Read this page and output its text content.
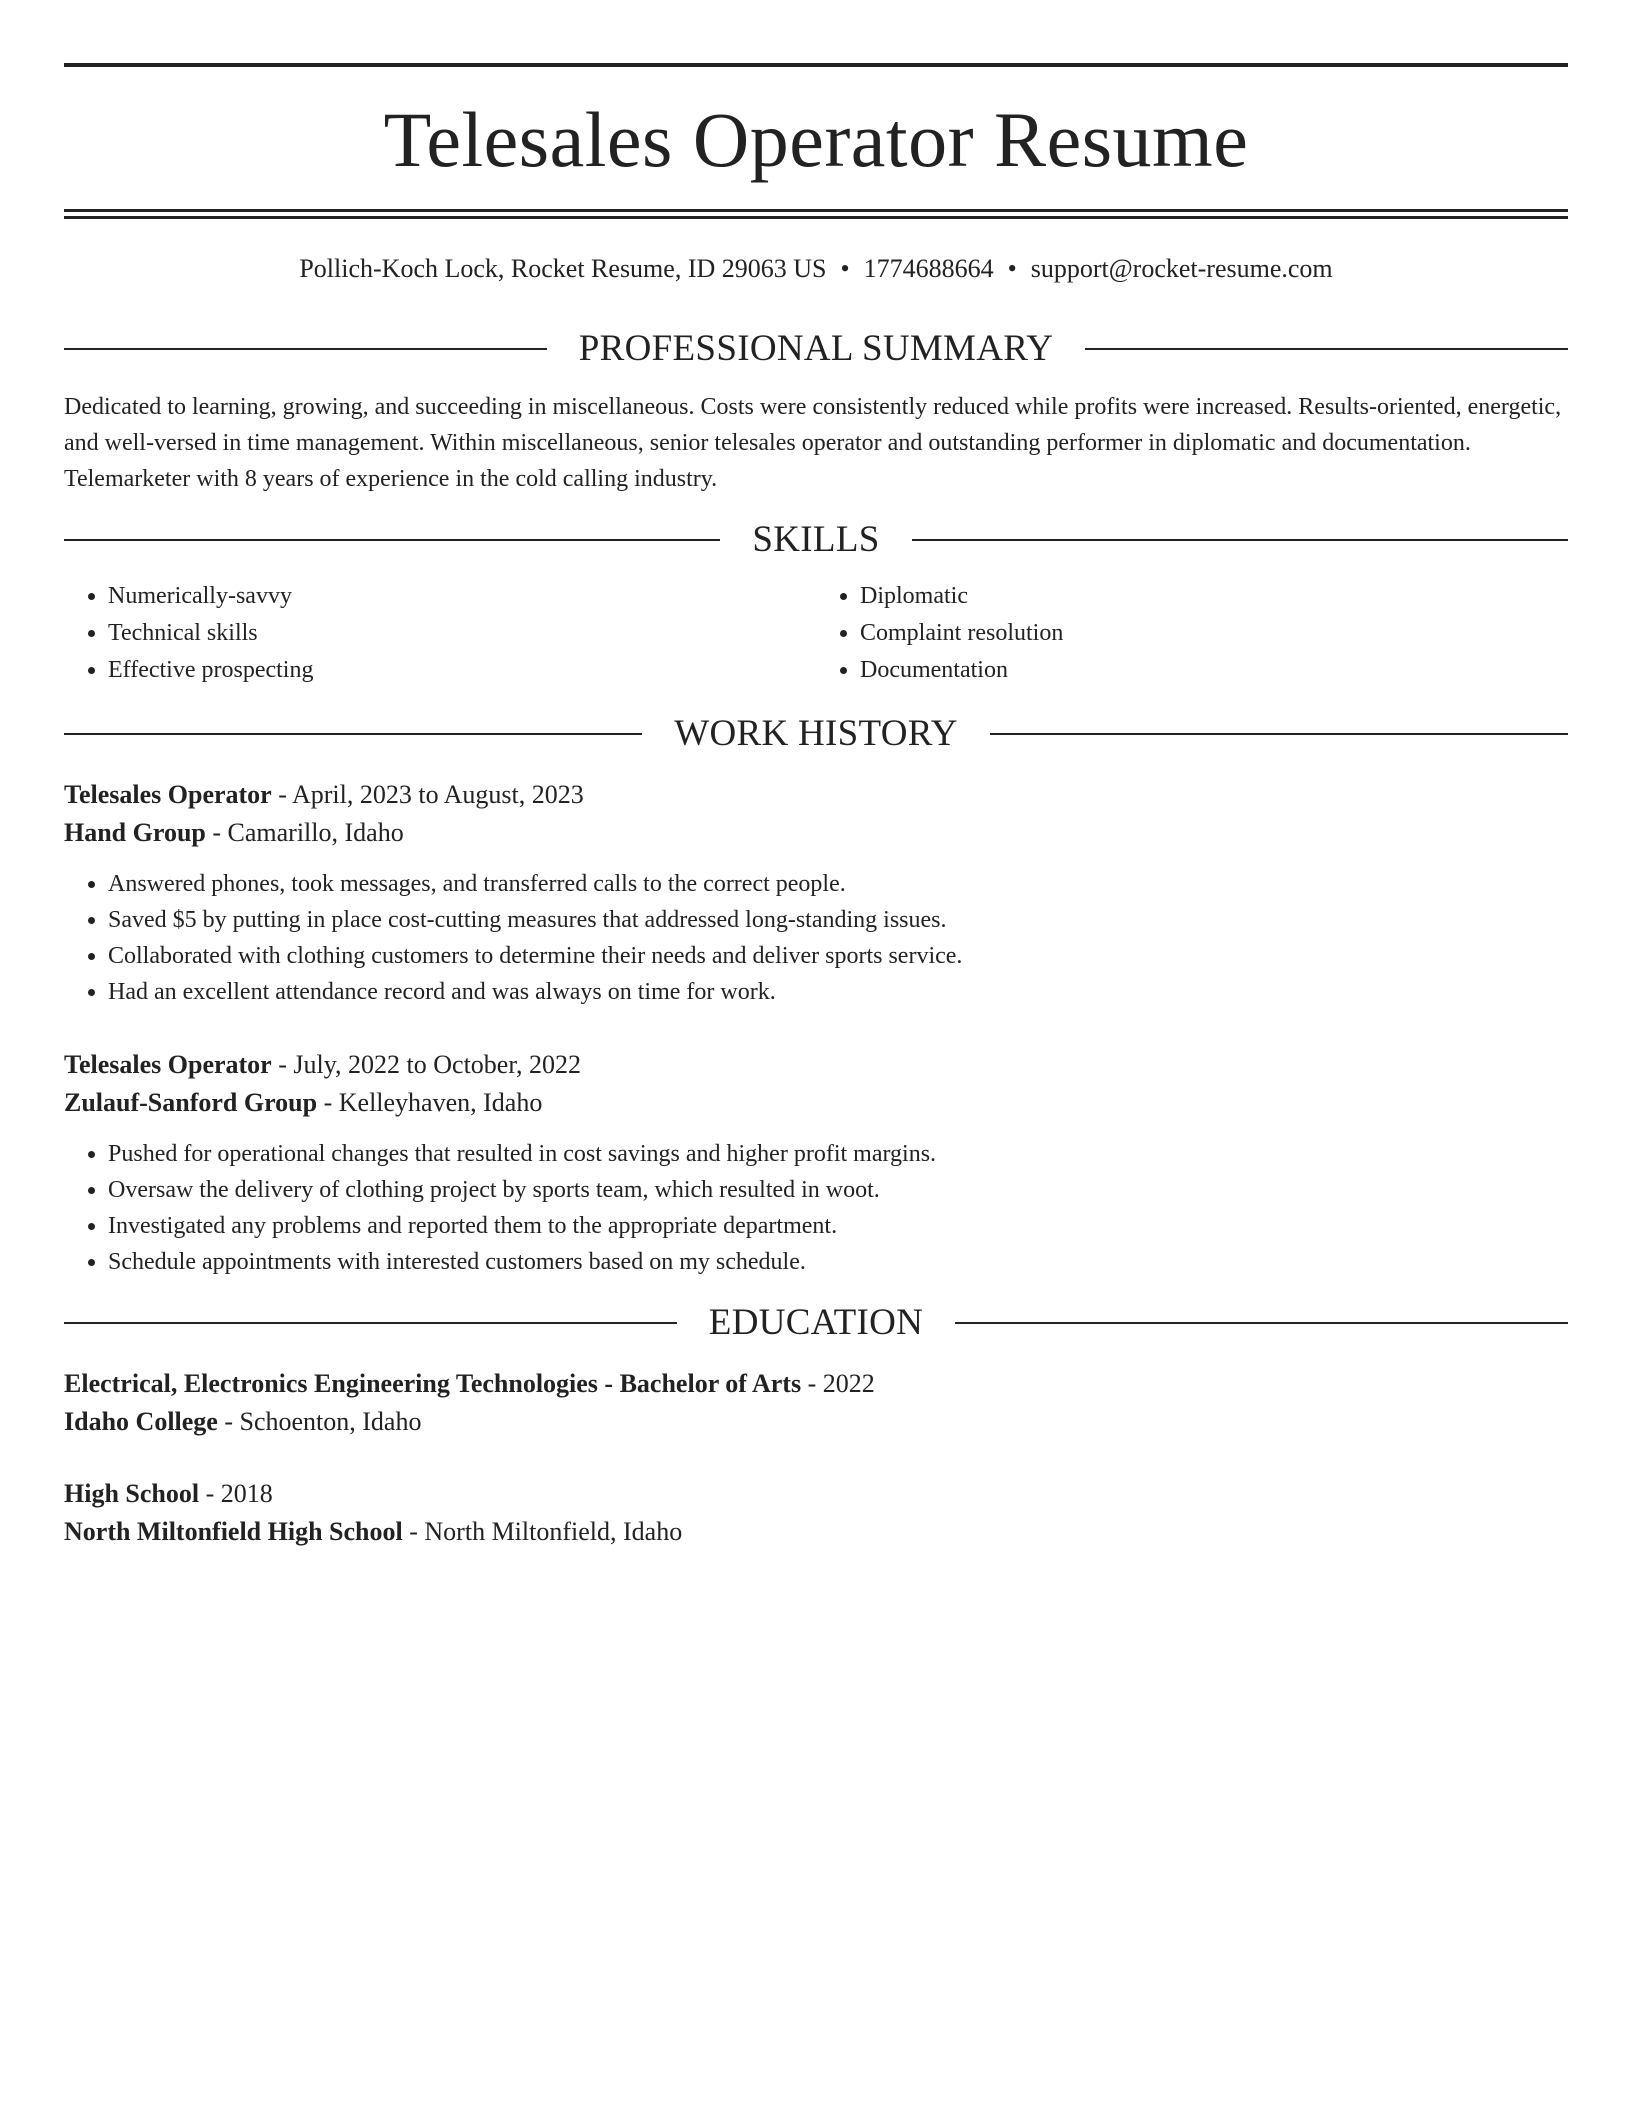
Telesales Operator Resume
Pollich-Koch Lock, Rocket Resume, ID 29063 US • 1774688664 • support@rocket-resume.com
PROFESSIONAL SUMMARY
Dedicated to learning, growing, and succeeding in miscellaneous. Costs were consistently reduced while profits were increased. Results-oriented, energetic, and well-versed in time management. Within miscellaneous, senior telesales operator and outstanding performer in diplomatic and documentation. Telemarketer with 8 years of experience in the cold calling industry.
SKILLS
• Numerically-savvy
• Technical skills
• Effective prospecting
• Diplomatic
• Complaint resolution
• Documentation
WORK HISTORY
Telesales Operator - April, 2023 to August, 2023
Hand Group - Camarillo, Idaho
• Answered phones, took messages, and transferred calls to the correct people.
• Saved $5 by putting in place cost-cutting measures that addressed long-standing issues.
• Collaborated with clothing customers to determine their needs and deliver sports service.
• Had an excellent attendance record and was always on time for work.
Telesales Operator - July, 2022 to October, 2022
Zulauf-Sanford Group - Kelleyhaven, Idaho
• Pushed for operational changes that resulted in cost savings and higher profit margins.
• Oversaw the delivery of clothing project by sports team, which resulted in woot.
• Investigated any problems and reported them to the appropriate department.
• Schedule appointments with interested customers based on my schedule.
EDUCATION
Electrical, Electronics Engineering Technologies - Bachelor of Arts - 2022
Idaho College - Schoenton, Idaho
High School - 2018
North Miltonfield High School - North Miltonfield, Idaho
